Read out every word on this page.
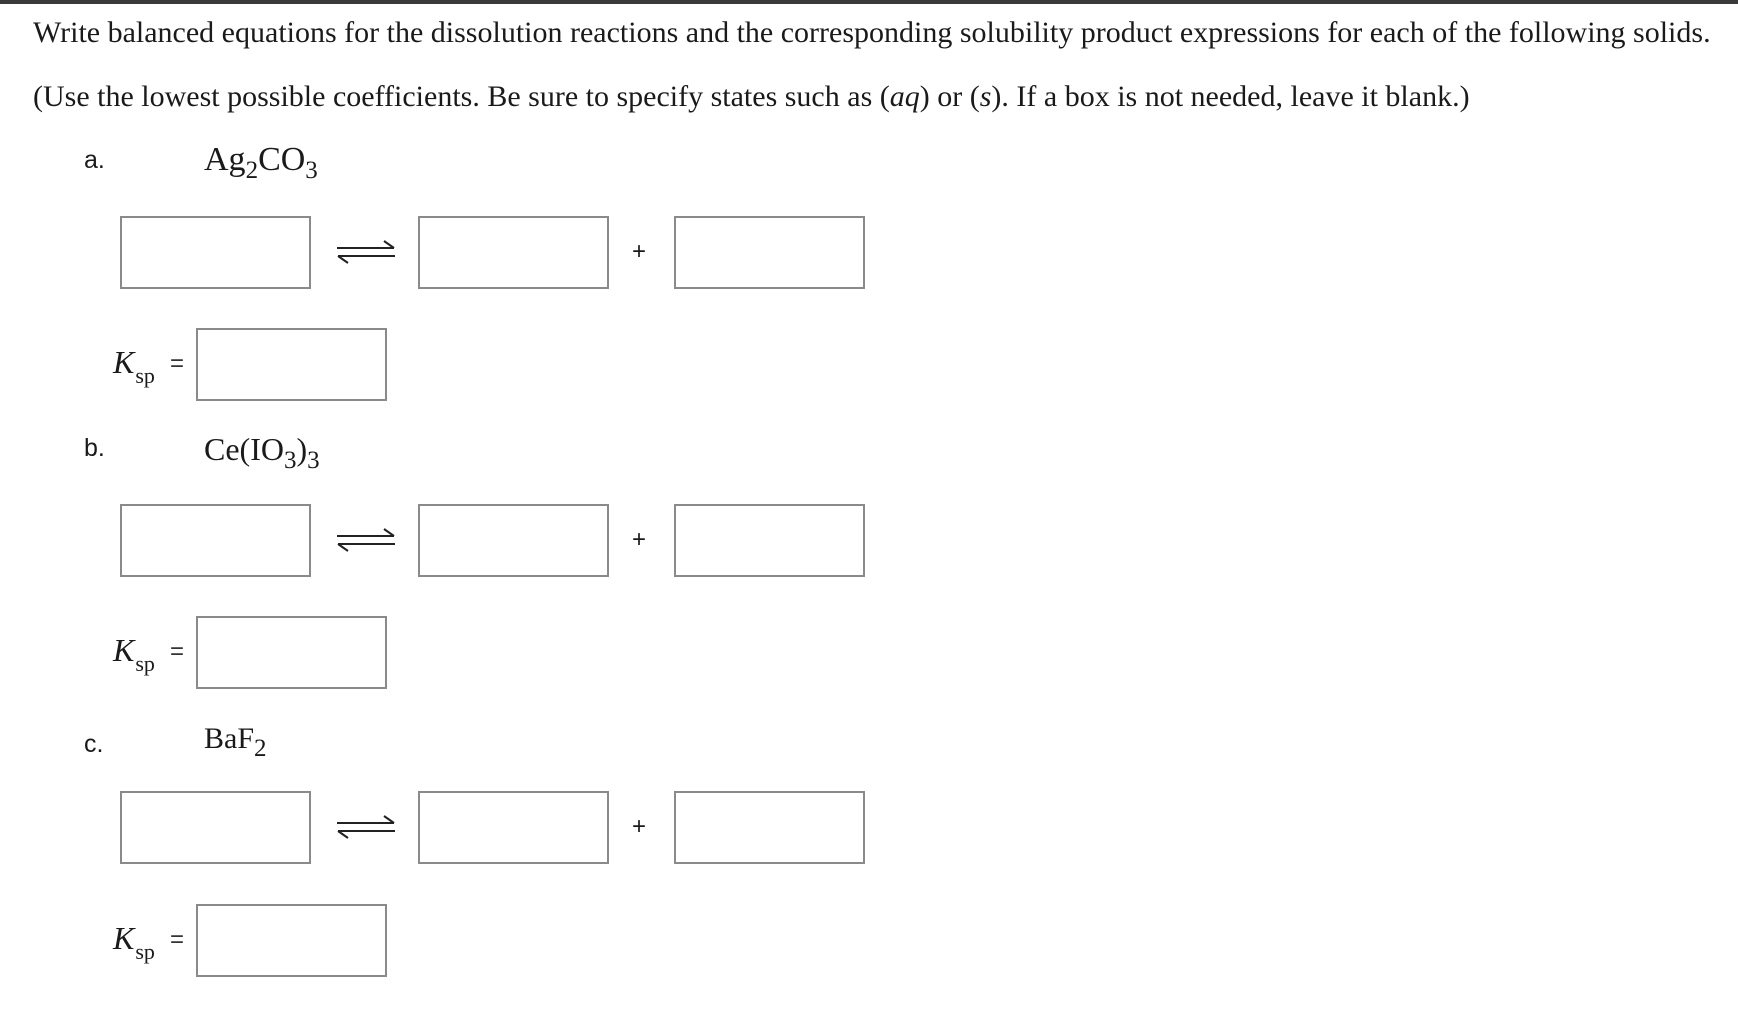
Write balanced equations for the dissolution reactions and the corresponding solubility product expressions for each of the following solids.
(Use the lowest possible coefficients. Be sure to specify states such as (aq) or (s). If a box is not needed, leave it blank.)
a.	$Ag_2CO_3$
+
$K_{sp}$ =
b.	$Ce(IO_3)_3$
+
$K_{sp}$ =
c.	BaF$_2$
+
$K_{sp}$ =
